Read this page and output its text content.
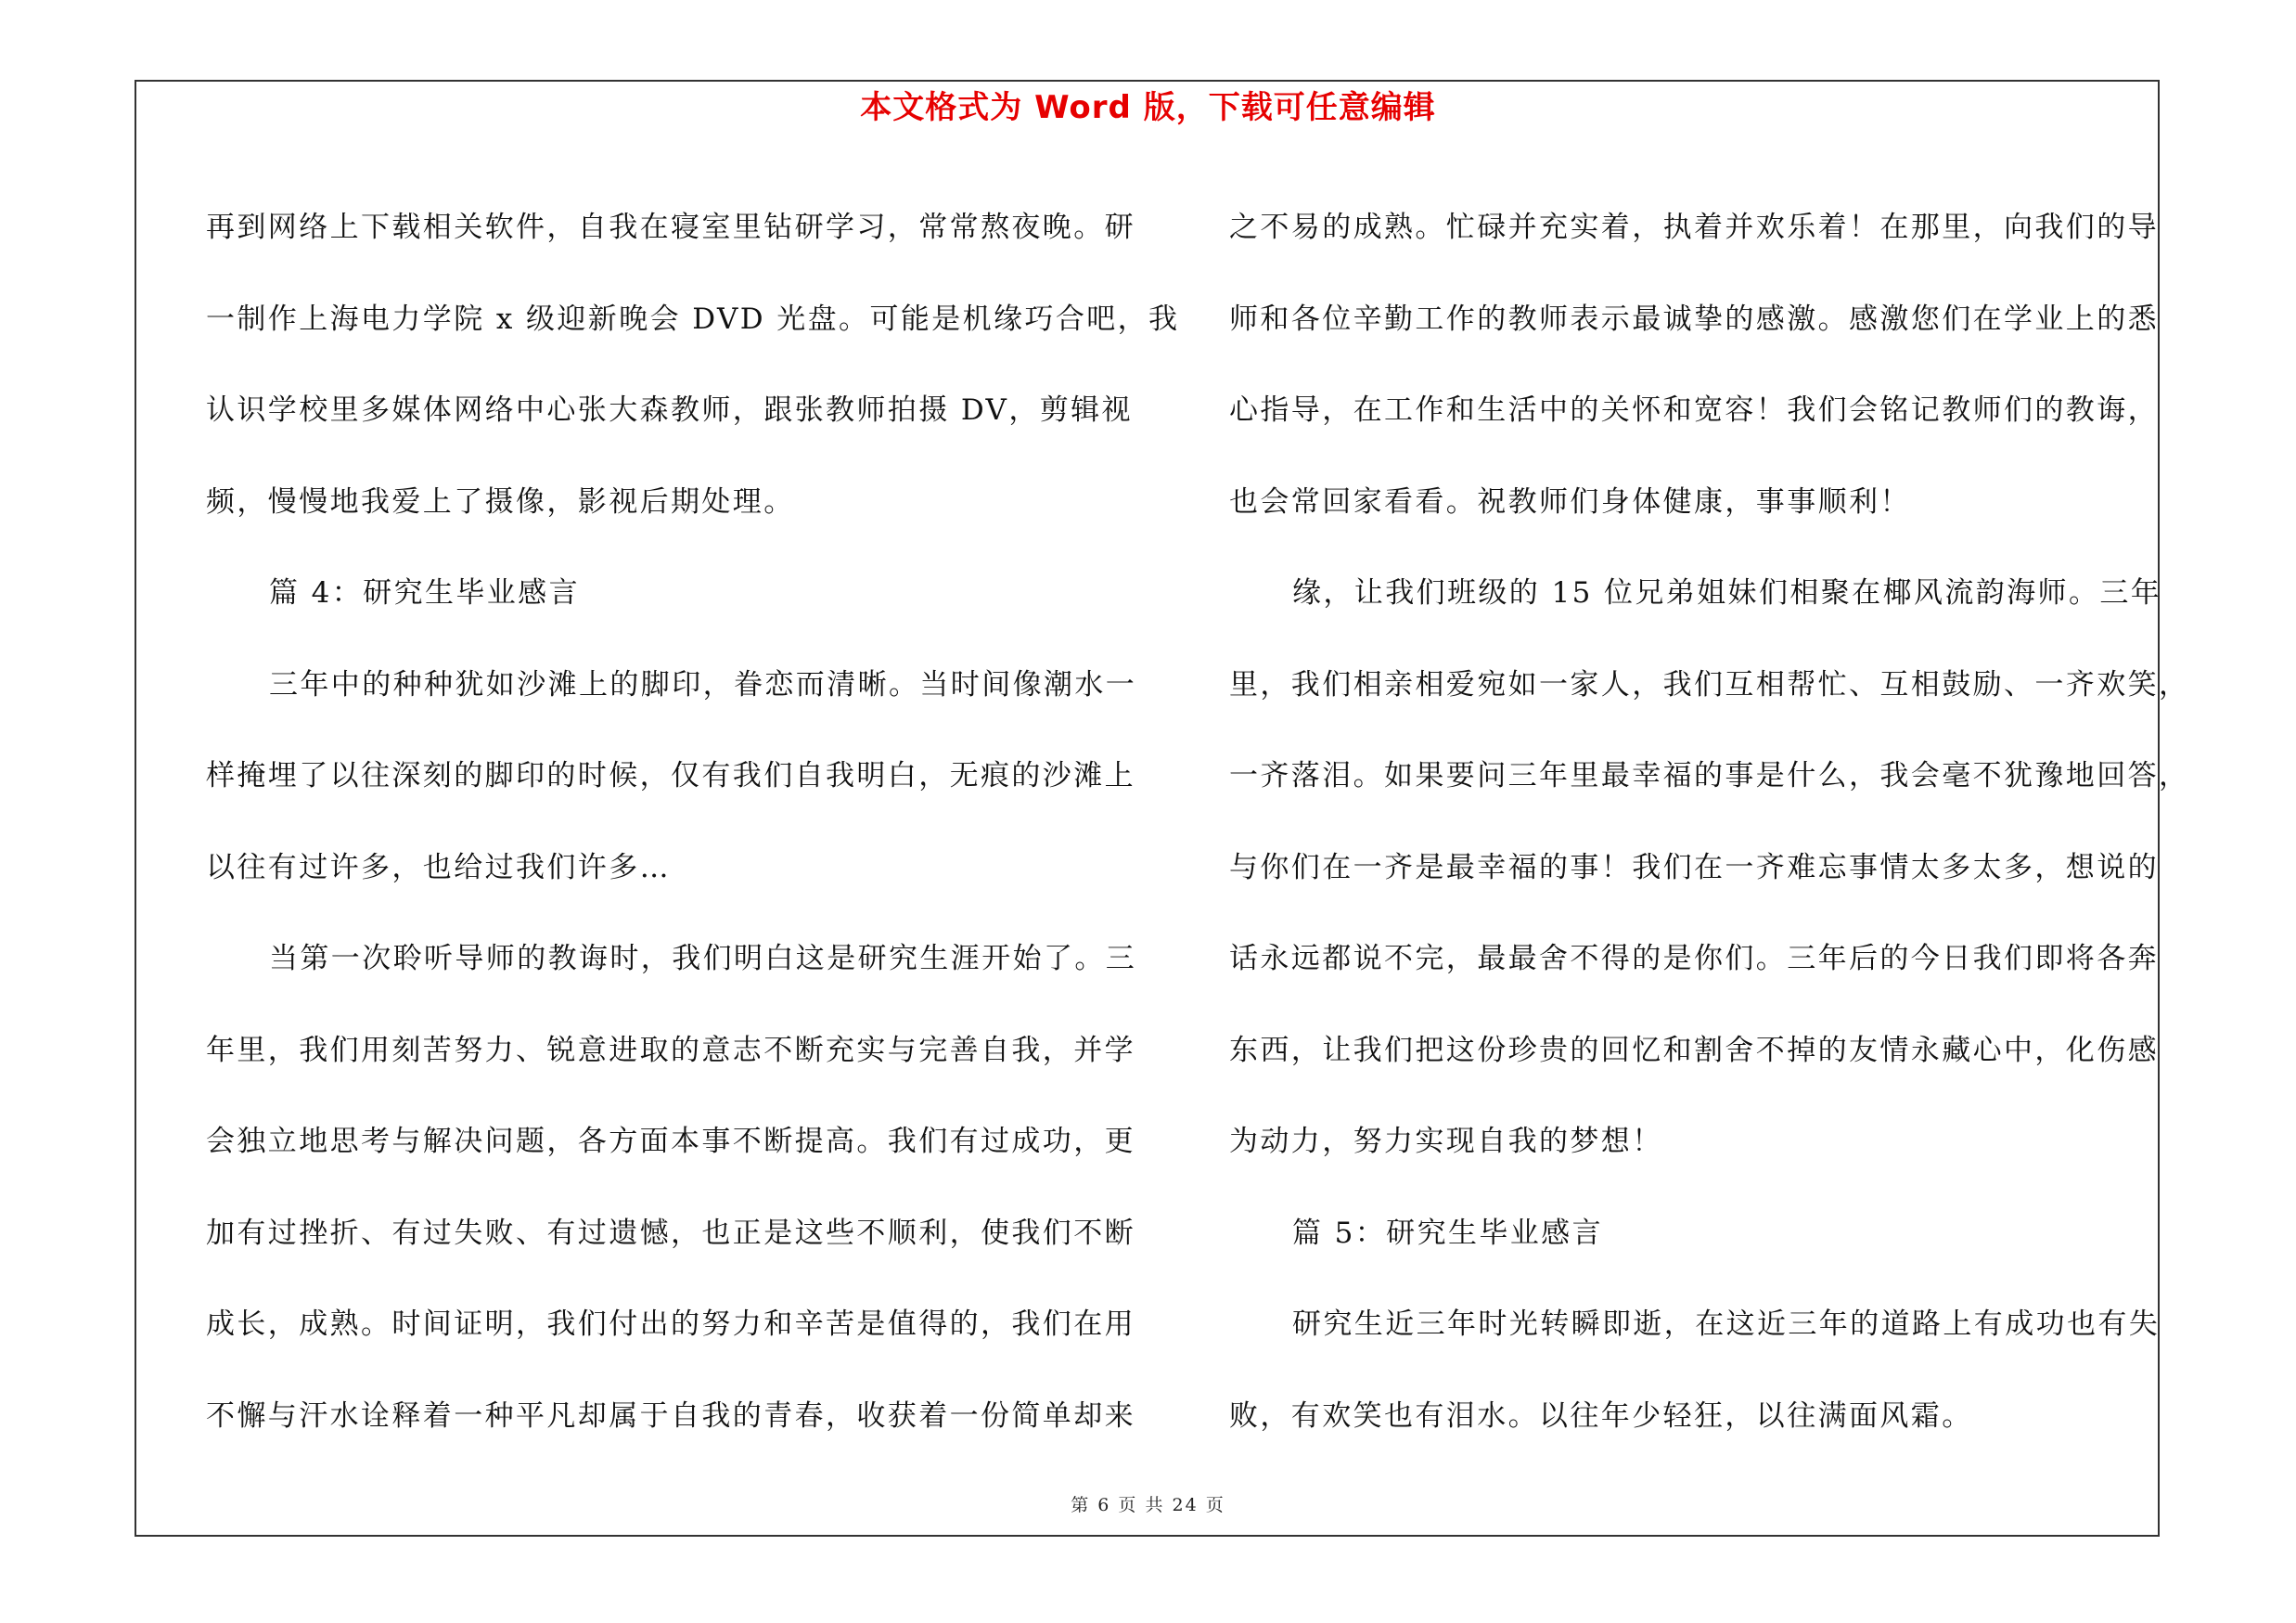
本文格式为 Word 版，下载可任意编辑
再到网络上下载相关软件，自我在寝室里钻研学习，常常熬夜晚。研
一制作上海电力学院 x 级迎新晚会 DVD 光盘。可能是机缘巧合吧，我
认识学校里多媒体网络中心张大森教师，跟张教师拍摄 DV，剪辑视
频，慢慢地我爱上了摄像，影视后期处理。
篇 4：研究生毕业感言
三年中的种种犹如沙滩上的脚印，眷恋而清晰。当时间像潮水一
样掩埋了以往深刻的脚印的时候，仅有我们自我明白，无痕的沙滩上
以往有过许多，也给过我们许多…
当第一次聆听导师的教诲时，我们明白这是研究生涯开始了。三
年里，我们用刻苦努力、锐意进取的意志不断充实与完善自我，并学
会独立地思考与解决问题，各方面本事不断提高。我们有过成功，更
加有过挫折、有过失败、有过遗憾，也正是这些不顺利，使我们不断
成长，成熟。时间证明，我们付出的努力和辛苦是值得的，我们在用
不懈与汗水诠释着一种平凡却属于自我的青春，收获着一份简单却来
之不易的成熟。忙碌并充实着，执着并欢乐着！在那里，向我们的导
师和各位辛勤工作的教师表示最诚挚的感激。感激您们在学业上的悉
心指导，在工作和生活中的关怀和宽容！我们会铭记教师们的教诲，
也会常回家看看。祝教师们身体健康，事事顺利！
缘，让我们班级的 15 位兄弟姐妹们相聚在椰风流韵海师。三年
里，我们相亲相爱宛如一家人，我们互相帮忙、互相鼓励、一齐欢笑，
一齐落泪。如果要问三年里最幸福的事是什么，我会毫不犹豫地回答，
与你们在一齐是最幸福的事！我们在一齐难忘事情太多太多，想说的
话永远都说不完，最最舍不得的是你们。三年后的今日我们即将各奔
东西，让我们把这份珍贵的回忆和割舍不掉的友情永藏心中，化伤感
为动力，努力实现自我的梦想！
篇 5：研究生毕业感言
研究生近三年时光转瞬即逝，在这近三年的道路上有成功也有失
败，有欢笑也有泪水。以往年少轻狂，以往满面风霜。
第 6 页 共 24 页
